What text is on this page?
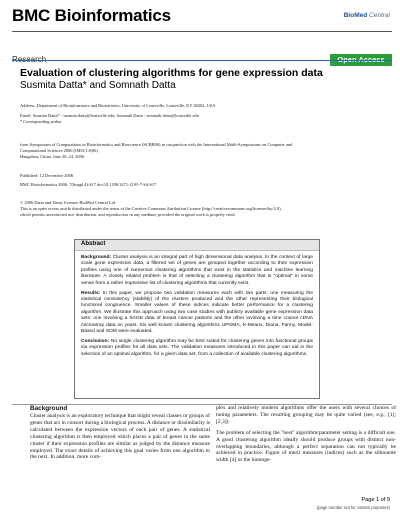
BMC Bioinformatics	BioMed Central
Evaluation of clustering algorithms for gene expression data
Susmita Datta* and Somnath Datta
Address: Department of Bioinformatics and Biostatistics, University of Louisville, Louisville, KY 40202, USA
Email: Susmita Datta* - susmita.datta@louisville.edu; Somnath Datta - somnath.datta@louisville.edu
* Corresponding author
from Symposium of Computations in Bioinformatics and Bioscience (SCBB06) in conjunction with the International Multi-Symposiums on Computer and
Computational Sciences 2006 (IMSCCS|06)
Hangzhou, China. June 20–24, 2006
Published: 12 December 2006
BMC Bioinformatics 2006, 7(Suppl 4):S17 doi:10.1186/1471-2105-7-S4-S17
© 2006 Datta and Datta; licensee BioMed Central Ltd
This is an open access article distributed under the terms of the Creative Commons Attribution License (http://creativecommons.org/licenses/by/2.0),
which permits unrestricted use, distribution, and reproduction in any medium, provided the original work is properly cited.
Abstract

Background: Cluster analysis is an integral part of high dimensional data analysis. In the context of large scale gene expression data, a filtered set of genes are grouped together according to their expression profiles using one of numerous clustering algorithms that exist in the statistics and machine learning literature. A closely related problem is that of selecting a clustering algorithm that is "optimal" in some sense from a rather impressive list of clustering algorithms that currently exist.

Results: In this paper, we propose two validation measures each with two parts: one measuring the statistical consistency (stability) of the clusters produced and the other representing their biological functional congruence. Smaller values of these indices indicate better performance for a clustering algorithm. We illustrate this approach using two case studies with publicly available gene expression data sets: one involving a SAGE data of breast cancer patients and the other involving a time course cDNA microarray data on yeast. Six well known clustering algorithms UPGMA, K-Means, Diana, Fanny, Model-Based and SOM were evaluated.

Conclusion: No single clustering algorithm may be best suited for clustering genes into functional groups via expression profiles for all data sets. The validation measures introduced in this paper can aid in the selection of an optimal algorithm, for a given data set, from a collection of available clustering algorithms.

Background

Cluster analysis is an exploratory technique that might reveal classes or groups of genes that act in consort during a biological process. A distance or dissimilarity is calculated between the expression vectors of each pair of genes. A statistical clustering algorithm is then employed which places a pair of genes in the same cluster if their expression profiles are similar as judged by the distance measure employed. The exact details of achieving this goal varies from one algorithm to the next. In addition, more com-

plex and relatively modern algorithms offer the users with several choices of tuning parameters. The resulting grouping may be quite varied (see, e.g., [1]; [2,3]).

The problem of selecting the "best" algorithm/parameter setting is a difficult one. A good clustering algorithm ideally should produce groups with distinct non-overlapping boundaries, although a perfect separation can not typically be achieved in practice. Figure of merit measures (indices) such as the silhouette width [4] or the homoge-

Page 1 of 9
(page number not for citation purposes)
